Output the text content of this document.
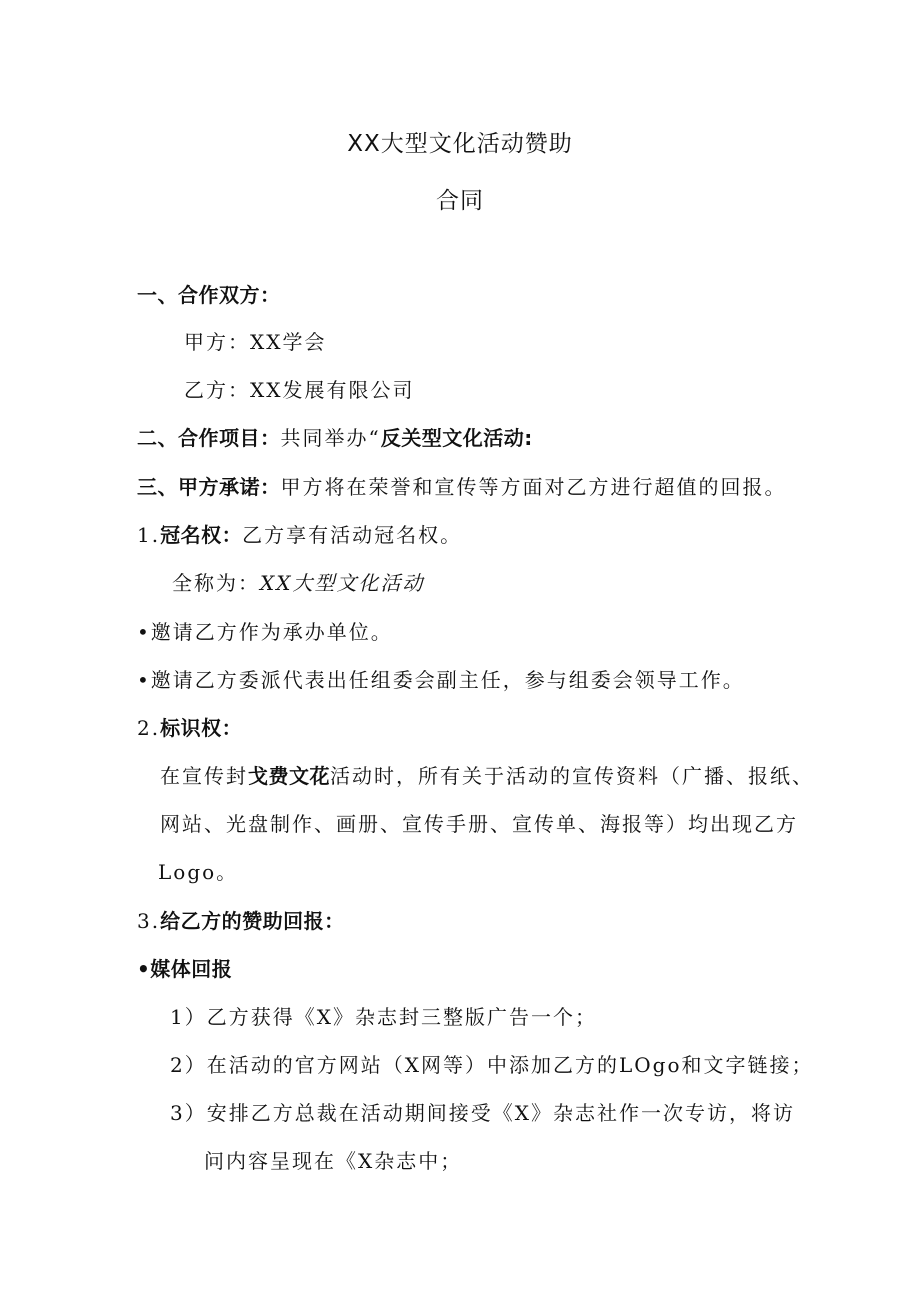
XX大型文化活动赞助
合同
一、合作双方：
甲方：XX学会
乙方：XX发展有限公司
二、合作项目：共同举办“反关型文化活动:
三、甲方承诺：甲方将在荣誉和宣传等方面对乙方进行超值的回报。
1.冠名权：乙方享有活动冠名权。
全称为：XX大型文化活动
•邀请乙方作为承办单位。
•邀请乙方委派代表出任组委会副主任，参与组委会领导工作。
2.标识权：
在宣传封戈费文花活动时，所有关于活动的宣传资料（广播、报纸、
网站、光盘制作、画册、宣传手册、宣传单、海报等）均出现乙方
Logo。
3.给乙方的赞助回报：
•媒体回报
1）乙方获得《X》杂志封三整版广告一个；
2）在活动的官方网站（X网等）中添加乙方的LOgo和文字链接；
3）安排乙方总裁在活动期间接受《X》杂志社作一次专访，将访
问内容呈现在《X杂志中；
